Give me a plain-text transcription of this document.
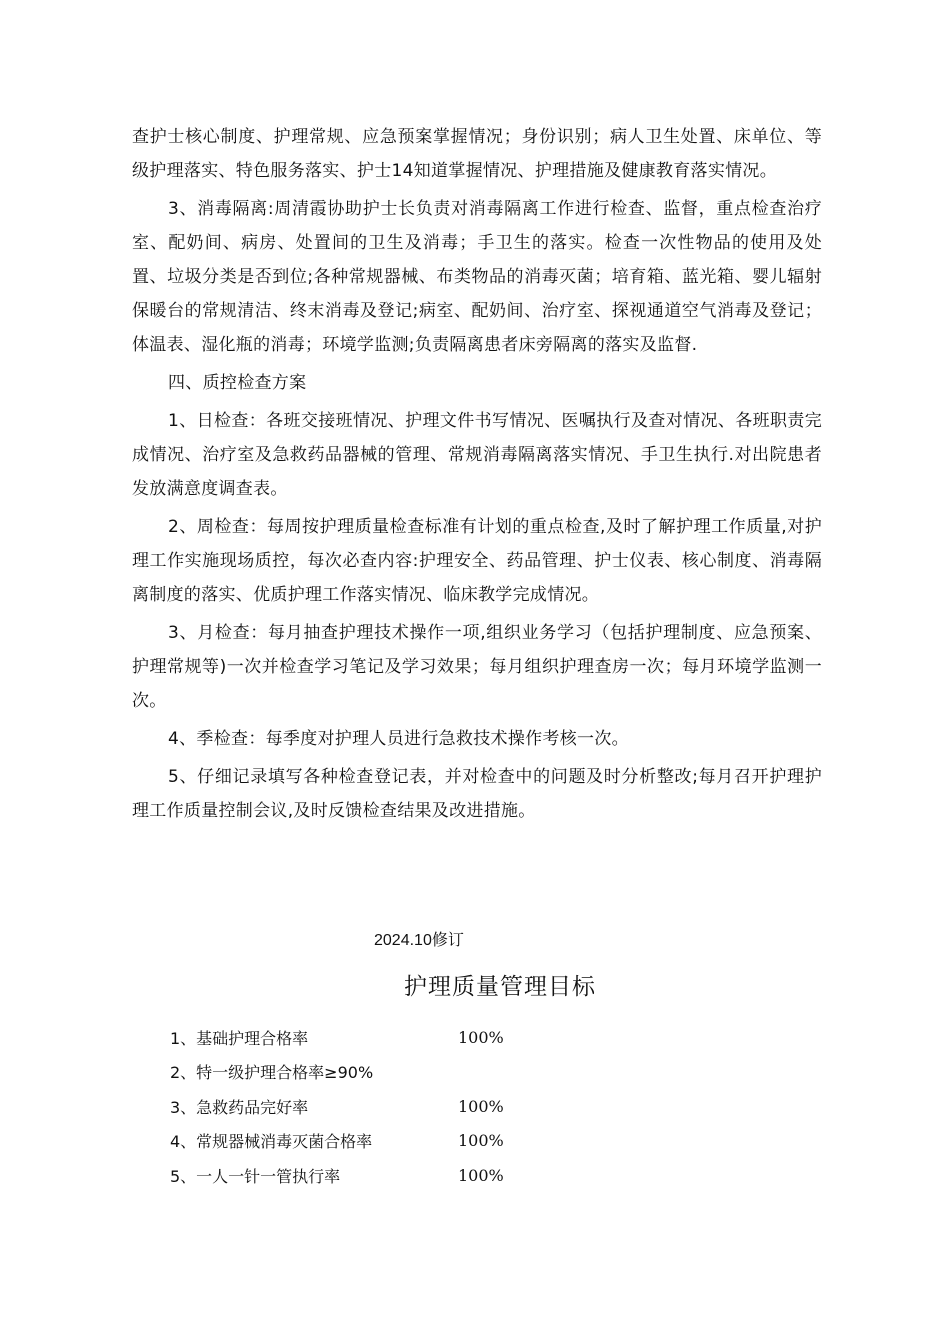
查护士核心制度、护理常规、应急预案掌握情况；身份识别；病人卫生处置、床单位、等级护理落实、特色服务落实、护士14知道掌握情况、护理措施及健康教育落实情况。

3、消毒隔离:周清霞协助护士长负责对消毒隔离工作进行检查、监督，重点检查治疗室、配奶间、病房、处置间的卫生及消毒；手卫生的落实。检查一次性物品的使用及处置、垃圾分类是否到位;各种常规器械、布类物品的消毒灭菌；培育箱、蓝光箱、婴儿辐射保暖台的常规清洁、终末消毒及登记;病室、配奶间、治疗室、探视通道空气消毒及登记；体温表、湿化瓶的消毒；环境学监测;负责隔离患者床旁隔离的落实及监督.

四、质控检查方案

1、日检查：各班交接班情况、护理文件书写情况、医嘱执行及查对情况、各班职责完成情况、治疗室及急救药品器械的管理、常规消毒隔离落实情况、手卫生执行.对出院患者发放满意度调查表。

2、周检查：每周按护理质量检查标准有计划的重点检查,及时了解护理工作质量,对护理工作实施现场质控，每次必查内容:护理安全、药品管理、护士仪表、核心制度、消毒隔离制度的落实、优质护理工作落实情况、临床教学完成情况。

3、月检查：每月抽查护理技术操作一项,组织业务学习（包括护理制度、应急预案、护理常规等)一次并检查学习笔记及学习效果；每月组织护理查房一次；每月环境学监测一次。

4、季检查：每季度对护理人员进行急救技术操作考核一次。

5、仔细记录填写各种检查登记表，并对检查中的问题及时分析整改;每月召开护理护理工作质量控制会议,及时反馈检查结果及改进措施。

2024.10修订
护理质量管理目标
1、基础护理合格率	100%
2、特一级护理合格率≥90%
3、急救药品完好率	100%
4、常规器械消毒灭菌合格率	100%
5、一人一针一管执行率	100%
